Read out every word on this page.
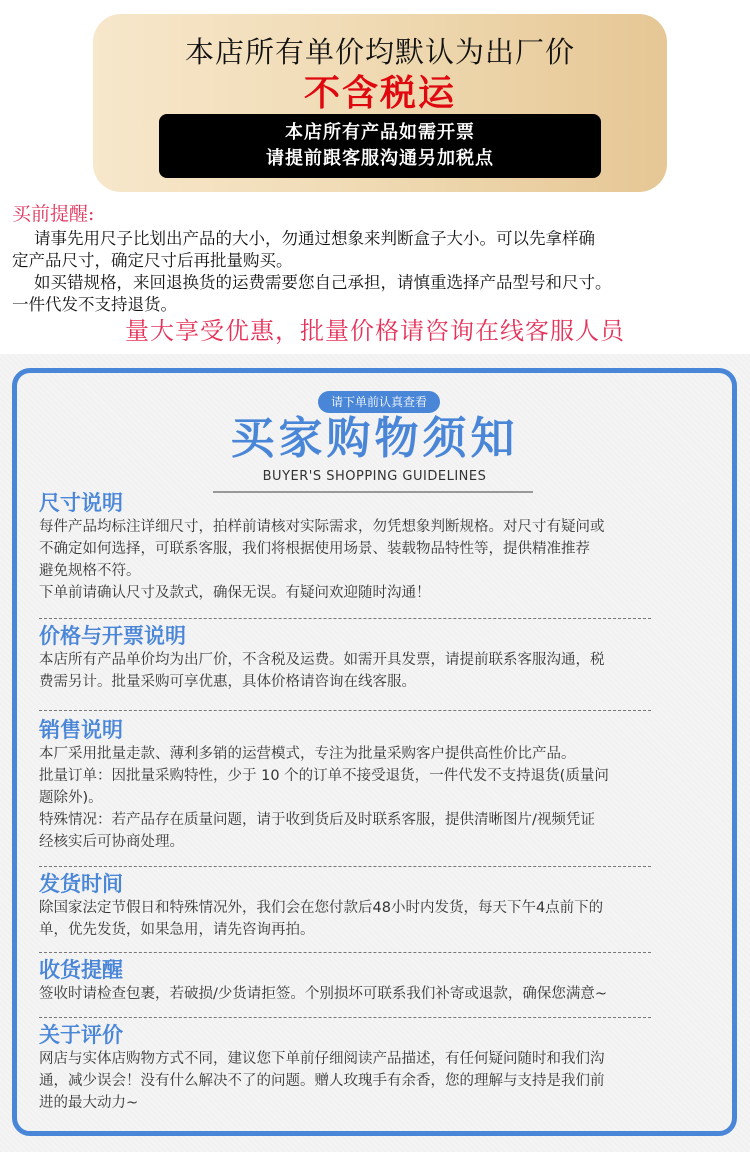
本店所有单价均默认为出厂价
不含税运
本店所有产品如需开票
请提前跟客服沟通另加税点
买前提醒:
请事先用尺子比划出产品的大小，勿通过想象来判断盒子大小。可以先拿样确
定产品尺寸，确定尺寸后再批量购买。
如买错规格，来回退换货的运费需要您自己承担，请慎重选择产品型号和尺寸。
一件代发不支持退货。
量大享受优惠，批量价格请咨询在线客服人员
请下单前认真查看
买家购物须知
BUYER'S SHOPPING GUIDELINES
尺寸说明

每件产品均标注详细尺寸，拍样前请核对实际需求，勿凭想象判断规格。对尺寸有疑问或

不确定如何选择，可联系客服，我们将根据使用场景、装载物品特性等，提供精准推荐

避免规格不符。

下单前请确认尺寸及款式，确保无误。有疑问欢迎随时沟通！

价格与开票说明

本店所有产品单价均为出厂价，不含税及运费。如需开具发票，请提前联系客服沟通，税

费需另计。批量采购可享优惠，具体价格请咨询在线客服。

销售说明

本厂采用批量走款、薄利多销的运营模式，专注为批量采购客户提供高性价比产品。

批量订单：因批量采购特性，少于 10 个的订单不接受退货，一件代发不支持退货(质量问

题除外)。

特殊情况：若产品存在质量问题，请于收到货后及时联系客服，提供清晰图片/视频凭证

经核实后可协商处理。

发货时间

除国家法定节假日和特殊情况外，我们会在您付款后48小时内发货，每天下午4点前下的

单，优先发货，如果急用，请先咨询再拍。

收货提醒

签收时请检查包裹，若破损/少货请拒签。个别损坏可联系我们补寄或退款，确保您满意~

关于评价

网店与实体店购物方式不同，建议您下单前仔细阅读产品描述，有任何疑问随时和我们沟

通，减少误会！没有什么解决不了的问题。赠人玫瑰手有余香，您的理解与支持是我们前

进的最大动力~
